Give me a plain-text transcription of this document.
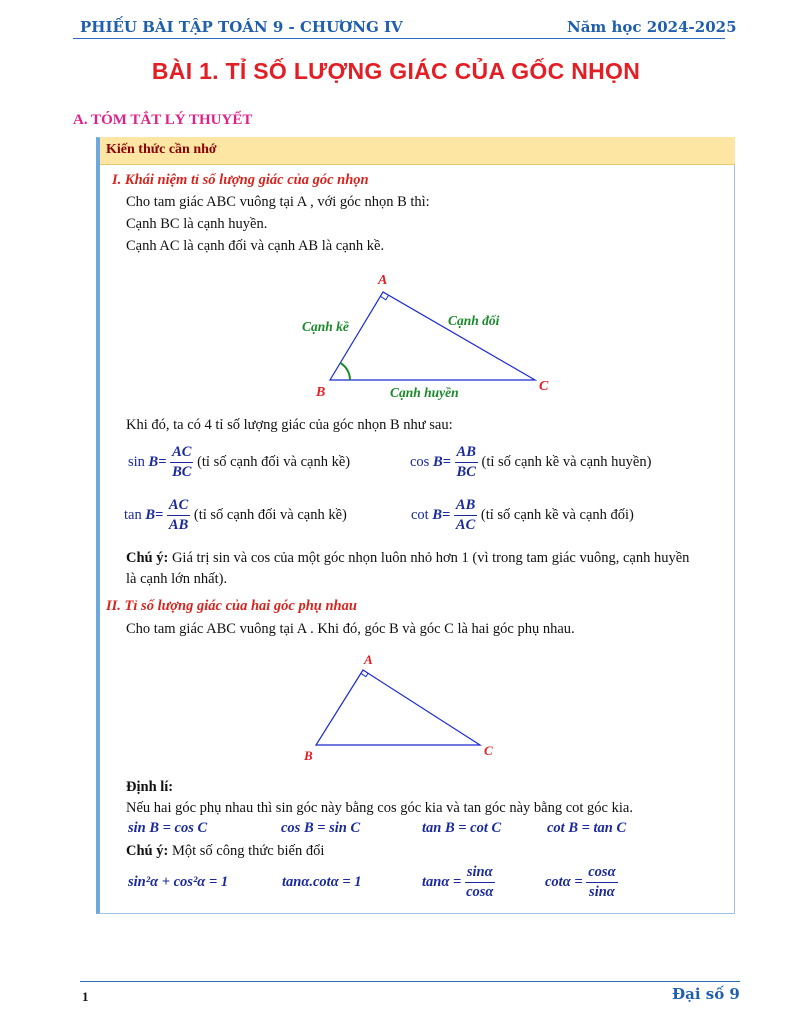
PHIẾU BÀI TẬP TOÁN 9 - CHƯƠNG IV	Năm học 2024-2025
BÀI 1. TỈ SỐ LƯỢNG GIÁC CỦA GỐC NHỌN
A. TÓM TẮT LÝ THUYẾT
Kiến thức cần nhớ
I. Khái niệm tỉ số lượng giác của góc nhọn
Cho tam giác ABC vuông tại A , với góc nhọn B thì:
Cạnh BC là cạnh huyền.
Cạnh AC là cạnh đối và cạnh AB là cạnh kề.
A
B	C
Cạnh kề	Cạnh đối
Cạnh huyền
Khi đó, ta có 4 tỉ số lượng giác của góc nhọn B như sau:
$\sin B= \frac{AC}{BC}$ (tỉ số cạnh đối và cạnh kề)	$\cos B= \frac{AB}{BC}$ (tỉ số cạnh kề và cạnh huyền)
$\tan B= \frac{AC}{AB}$ (tỉ số cạnh đối và cạnh kề)	$\cot B= \frac{AB}{AC}$ (tỉ số cạnh kề và cạnh đối)
Chú ý: Giá trị sin và cos của một góc nhọn luôn nhỏ hơn 1 (vì trong tam giác vuông, cạnh huyền
là cạnh lớn nhất).
II. Tỉ số lượng giác của hai góc phụ nhau
Cho tam giác ABC vuông tại A . Khi đó, góc B và góc C là hai góc phụ nhau.
A
B	C
Định lí:
Nếu hai góc phụ nhau thì sin góc này bằng cos góc kia và tan góc này bằng cot góc kia.
sin B = cos C	cos B = sin C	tan B = cot C	cot B = tan C
Chú ý: Một số công thức biến đổi
sin²α + cos²α = 1	tanα.cotα = 1	$\tan\alpha = \frac{\sin\alpha}{\cos\alpha}$	$\cot\alpha = \frac{\cos\alpha}{\sin\alpha}$
1	Đại số 9
